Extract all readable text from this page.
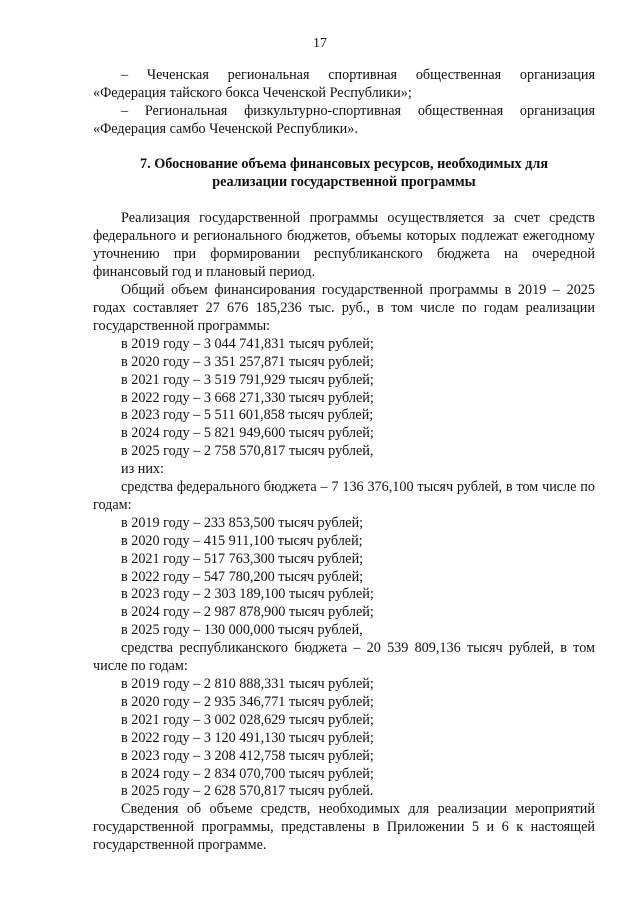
17

– Чеченская региональная спортивная общественная организация «Федерация тайского бокса Чеченской Республики»;

– Региональная физкультурно-спортивная общественная организация «Федерация самбо Чеченской Республики».

7. Обоснование объема финансовых ресурсов, необходимых для
реализации государственной программы

Реализация государственной программы осуществляется за счет средств федерального и регионального бюджетов, объемы которых подлежат ежегодному уточнению при формировании республиканского бюджета на очередной финансовый год и плановый период.

Общий объем финансирования государственной программы в 2019 – 2025 годах составляет 27 676 185,236 тыс. руб., в том числе по годам реализации государственной программы:

в 2019 году – 3 044 741,831 тысяч рублей;
в 2020 году – 3 351 257,871 тысяч рублей;
в 2021 году – 3 519 791,929 тысяч рублей;
в 2022 году – 3 668 271,330 тысяч рублей;
в 2023 году – 5 511 601,858 тысяч рублей;
в 2024 году – 5 821 949,600 тысяч рублей;
в 2025 году – 2 758 570,817 тысяч рублей,
из них:

средства федерального бюджета – 7 136 376,100 тысяч рублей, в том числе по годам:

в 2019 году – 233 853,500 тысяч рублей;
в 2020 году – 415 911,100 тысяч рублей;
в 2021 году – 517 763,300 тысяч рублей;
в 2022 году – 547 780,200 тысяч рублей;
в 2023 году – 2 303 189,100 тысяч рублей;
в 2024 году – 2 987 878,900 тысяч рублей;
в 2025 году – 130 000,000 тысяч рублей,

средства республиканского бюджета – 20 539 809,136 тысяч рублей, в том числе по годам:

в 2019 году – 2 810 888,331 тысяч рублей;
в 2020 году – 2 935 346,771 тысяч рублей;
в 2021 году – 3 002 028,629 тысяч рублей;
в 2022 году – 3 120 491,130 тысяч рублей;
в 2023 году – 3 208 412,758 тысяч рублей;
в 2024 году – 2 834 070,700 тысяч рублей;
в 2025 году – 2 628 570,817 тысяч рублей.

Сведения об объеме средств, необходимых для реализации мероприятий государственной программы, представлены в Приложении 5 и 6 к настоящей государственной программе.
